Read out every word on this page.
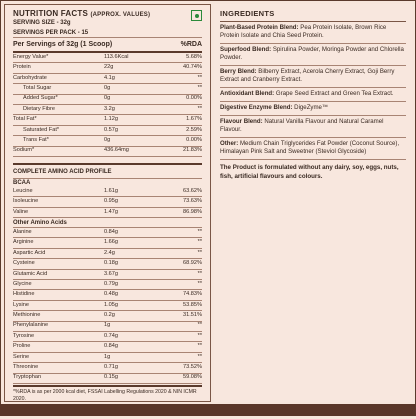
NUTRITION FACTS (APPROX. VALUES)
SERVING SIZE - 32g
SERVINGS PER PACK - 15
Per Servings of 32g (1 Scoop)	%RDA
Energy Value*	113.6Kcal	5.68%
Protein	22g	40.74%
Carbohydrate	4.1g	**
Total Sugar	0g	**
Added Sugar*	0g	0.00%
Dietary Fibre	3.2g	**
Total Fat*	1.12g	1.67%
Saturated Fat*	0.57g	2.59%
Trans Fat*	0g	0.00%
Sodium*	436.64mg	21.83%
COMPLETE AMINO ACID PROFILE
BCAA
Leucine	1.61g	63.62%
Isoleucine	0.95g	73.63%
Valine	1.47g	86.98%
Other Amino Acids
Alanine	0.84g	**
Arginine	1.66g	**
Aspartic Acid	2.4g	**
Cysteine	0.18g	68.92%
Glutamic Acid	3.67g	**
Glycine	0.79g	**
Histidine	0.48g	74.83%
Lysine	1.05g	53.85%
Methionine	0.2g	31.51%
Phenylalanine	1g	**
Tyrosine	0.74g	**
Proline	0.84g	**
Serine	1g	**
Threonine	0.71g	73.52%
Tryptophan	0.15g	59.08%
*%RDA is as per 2000 kcal diet, FSSAI Labelling Regulations 2020 & NIN ICMR 2020.
INGREDIENTS
Plant-Based Protein Blend: Pea Protein Isolate, Brown Rice Protein Isolate and Chia Seed Protein.
Superfood Blend: Spirulina Powder, Moringa Powder and Chlorella Powder.
Berry Blend: Bilberry Extract, Acerola Cherry Extract, Goji Berry Extract and Cranberry Extract.
Antioxidant Blend: Grape Seed Extract and Green Tea Extract.
Digestive Enzyme Blend: DigeZyme™
Flavour Blend: Natural Vanilla Flavour and Natural Caramel Flavour.
Other: Medium Chain Triglycerides Fat Powder (Coconut Source), Himalayan Pink Salt and Sweetner (Steviol Glycoside)
The Product is formulated without any dairy, soy, eggs, nuts, fish, artificial flavours and colours.
